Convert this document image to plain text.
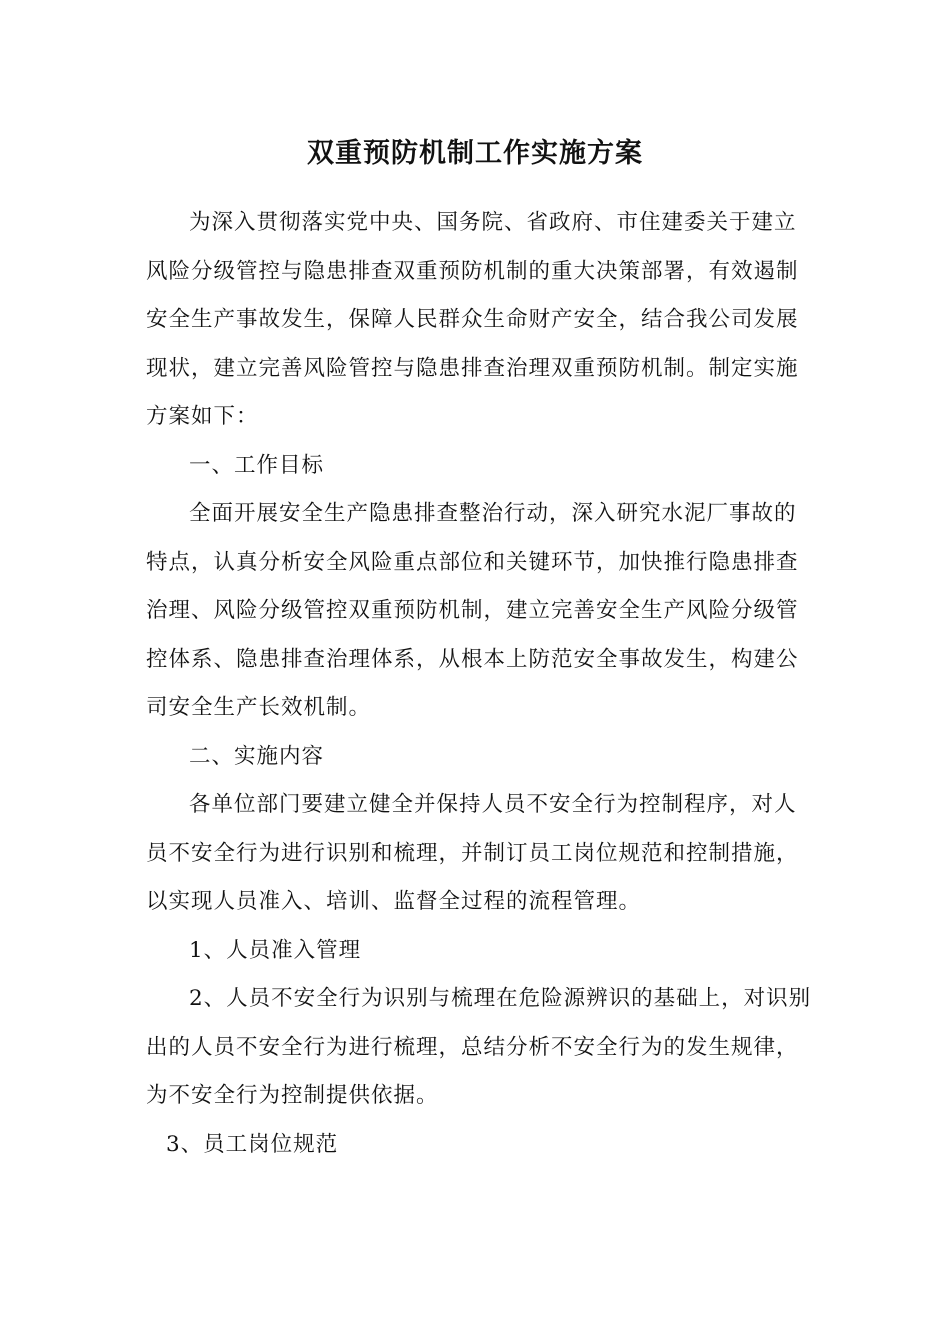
双重预防机制工作实施方案
为深入贯彻落实党中央、国务院、省政府、市住建委关于建立
风险分级管控与隐患排查双重预防机制的重大决策部署，有效遏制
安全生产事故发生，保障人民群众生命财产安全，结合我公司发展
现状，建立完善风险管控与隐患排查治理双重预防机制。制定实施
方案如下：
一、工作目标
全面开展安全生产隐患排查整治行动，深入研究水泥厂事故的
特点，认真分析安全风险重点部位和关键环节，加快推行隐患排查
治理、风险分级管控双重预防机制，建立完善安全生产风险分级管
控体系、隐患排查治理体系，从根本上防范安全事故发生，构建公
司安全生产长效机制。
二、实施内容
各单位部门要建立健全并保持人员不安全行为控制程序，对人
员不安全行为进行识别和梳理，并制订员工岗位规范和控制措施，
以实现人员准入、培训、监督全过程的流程管理。
1、人员准入管理
2、人员不安全行为识别与梳理在危险源辨识的基础上，对识别
出的人员不安全行为进行梳理，总结分析不安全行为的发生规律，
为不安全行为控制提供依据。
3、员工岗位规范
